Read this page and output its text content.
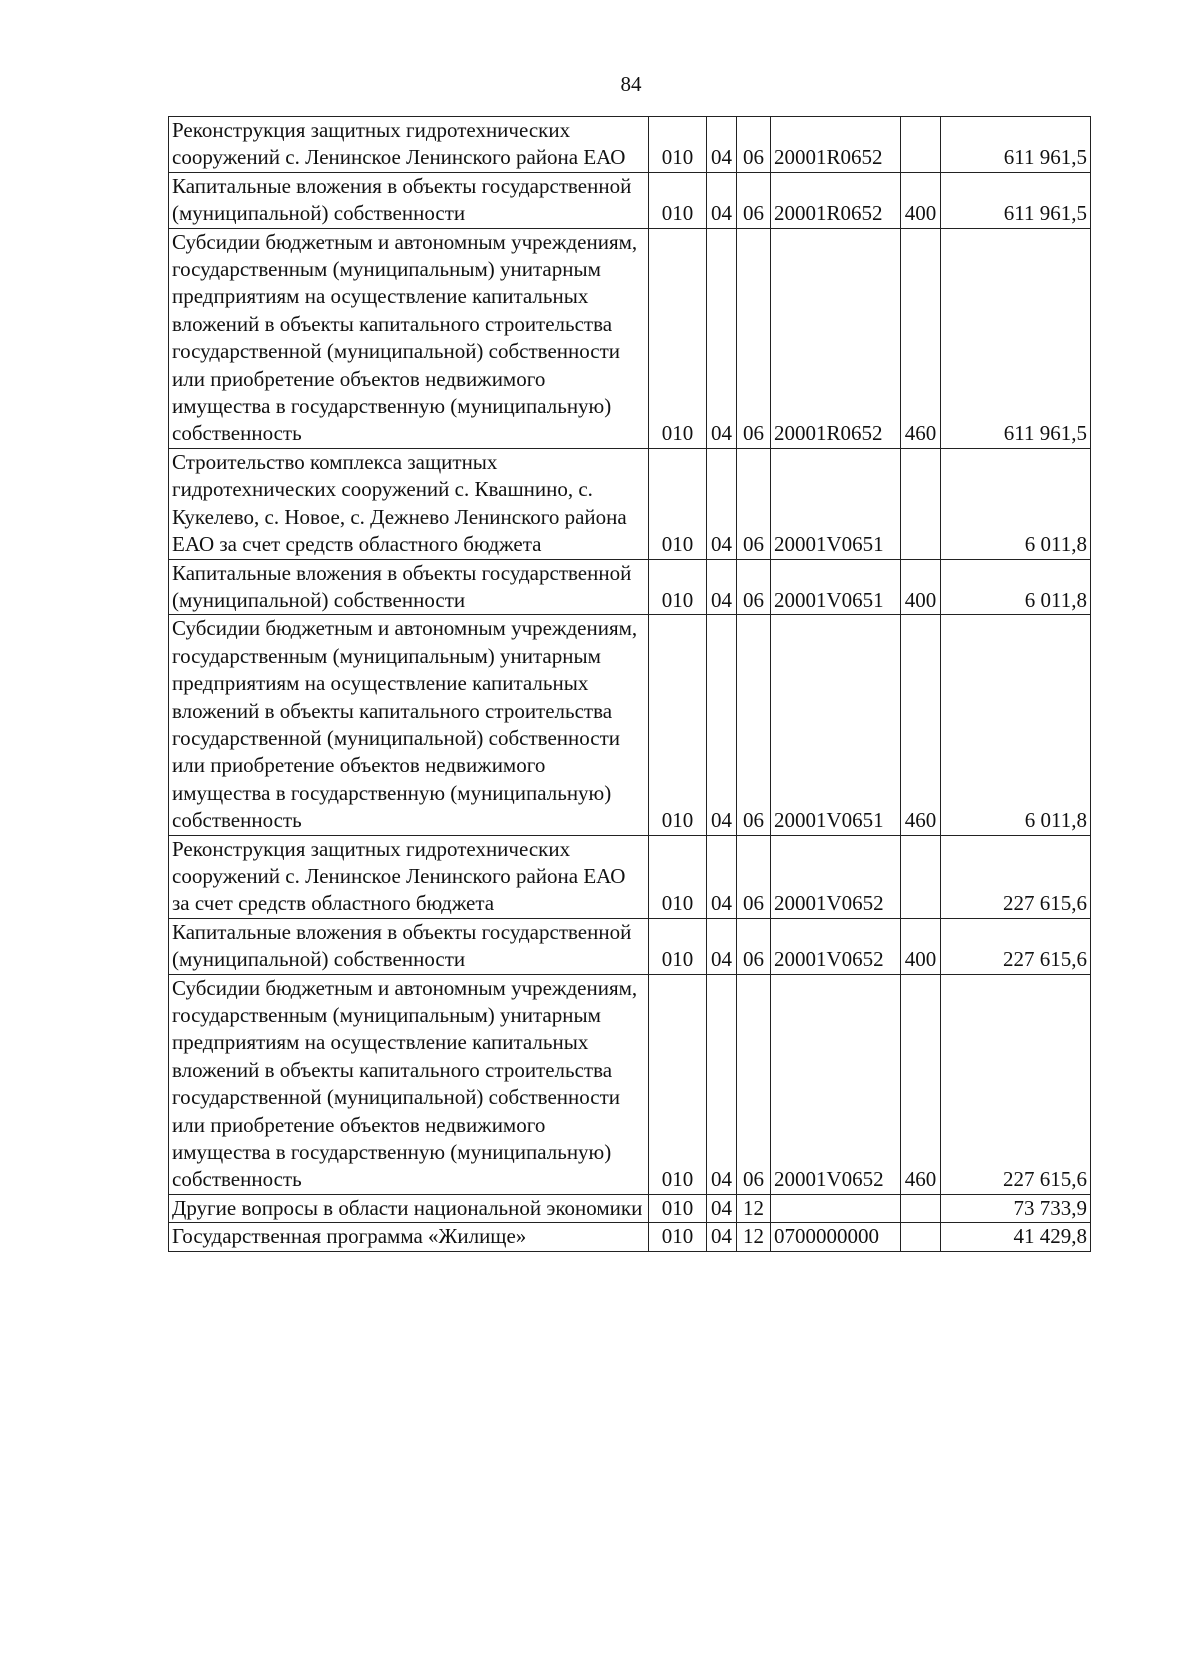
84
Реконструкция защитных гидротехнических сооружений с. Ленинское Ленинского района ЕАО	010	04	06	20001R0652		611 961,5
Капитальные вложения в объекты государственной (муниципальной) собственности	010	04	06	20001R0652	400	611 961,5
Субсидии бюджетным и автономным учреждениям, государственным (муниципальным) унитарным предприятиям на осуществление капитальных вложений в объекты капитального строительства государственной (муниципальной) собственности или приобретение объектов недвижимого имущества в государственную (муниципальную) собственность	010	04	06	20001R0652	460	611 961,5
Строительство комплекса защитных гидротехнических сооружений с. Квашнино, с. Кукелево, с. Новое, с. Дежнево Ленинского района ЕАО за счет средств областного бюджета	010	04	06	20001V0651		6 011,8
Капитальные вложения в объекты государственной (муниципальной) собственности	010	04	06	20001V0651	400	6 011,8
Субсидии бюджетным и автономным учреждениям, государственным (муниципальным) унитарным предприятиям на осуществление капитальных вложений в объекты капитального строительства государственной (муниципальной) собственности или приобретение объектов недвижимого имущества в государственную (муниципальную) собственность	010	04	06	20001V0651	460	6 011,8
Реконструкция защитных гидротехнических сооружений с. Ленинское Ленинского района ЕАО за счет средств областного бюджета	010	04	06	20001V0652		227 615,6
Капитальные вложения в объекты государственной (муниципальной) собственности	010	04	06	20001V0652	400	227 615,6
Субсидии бюджетным и автономным учреждениям, государственным (муниципальным) унитарным предприятиям на осуществление капитальных вложений в объекты капитального строительства государственной (муниципальной) собственности или приобретение объектов недвижимого имущества в государственную (муниципальную) собственность	010	04	06	20001V0652	460	227 615,6
Другие вопросы в области национальной экономики	010	04	12			73 733,9
Государственная программа «Жилище»	010	04	12	0700000000		41 429,8
